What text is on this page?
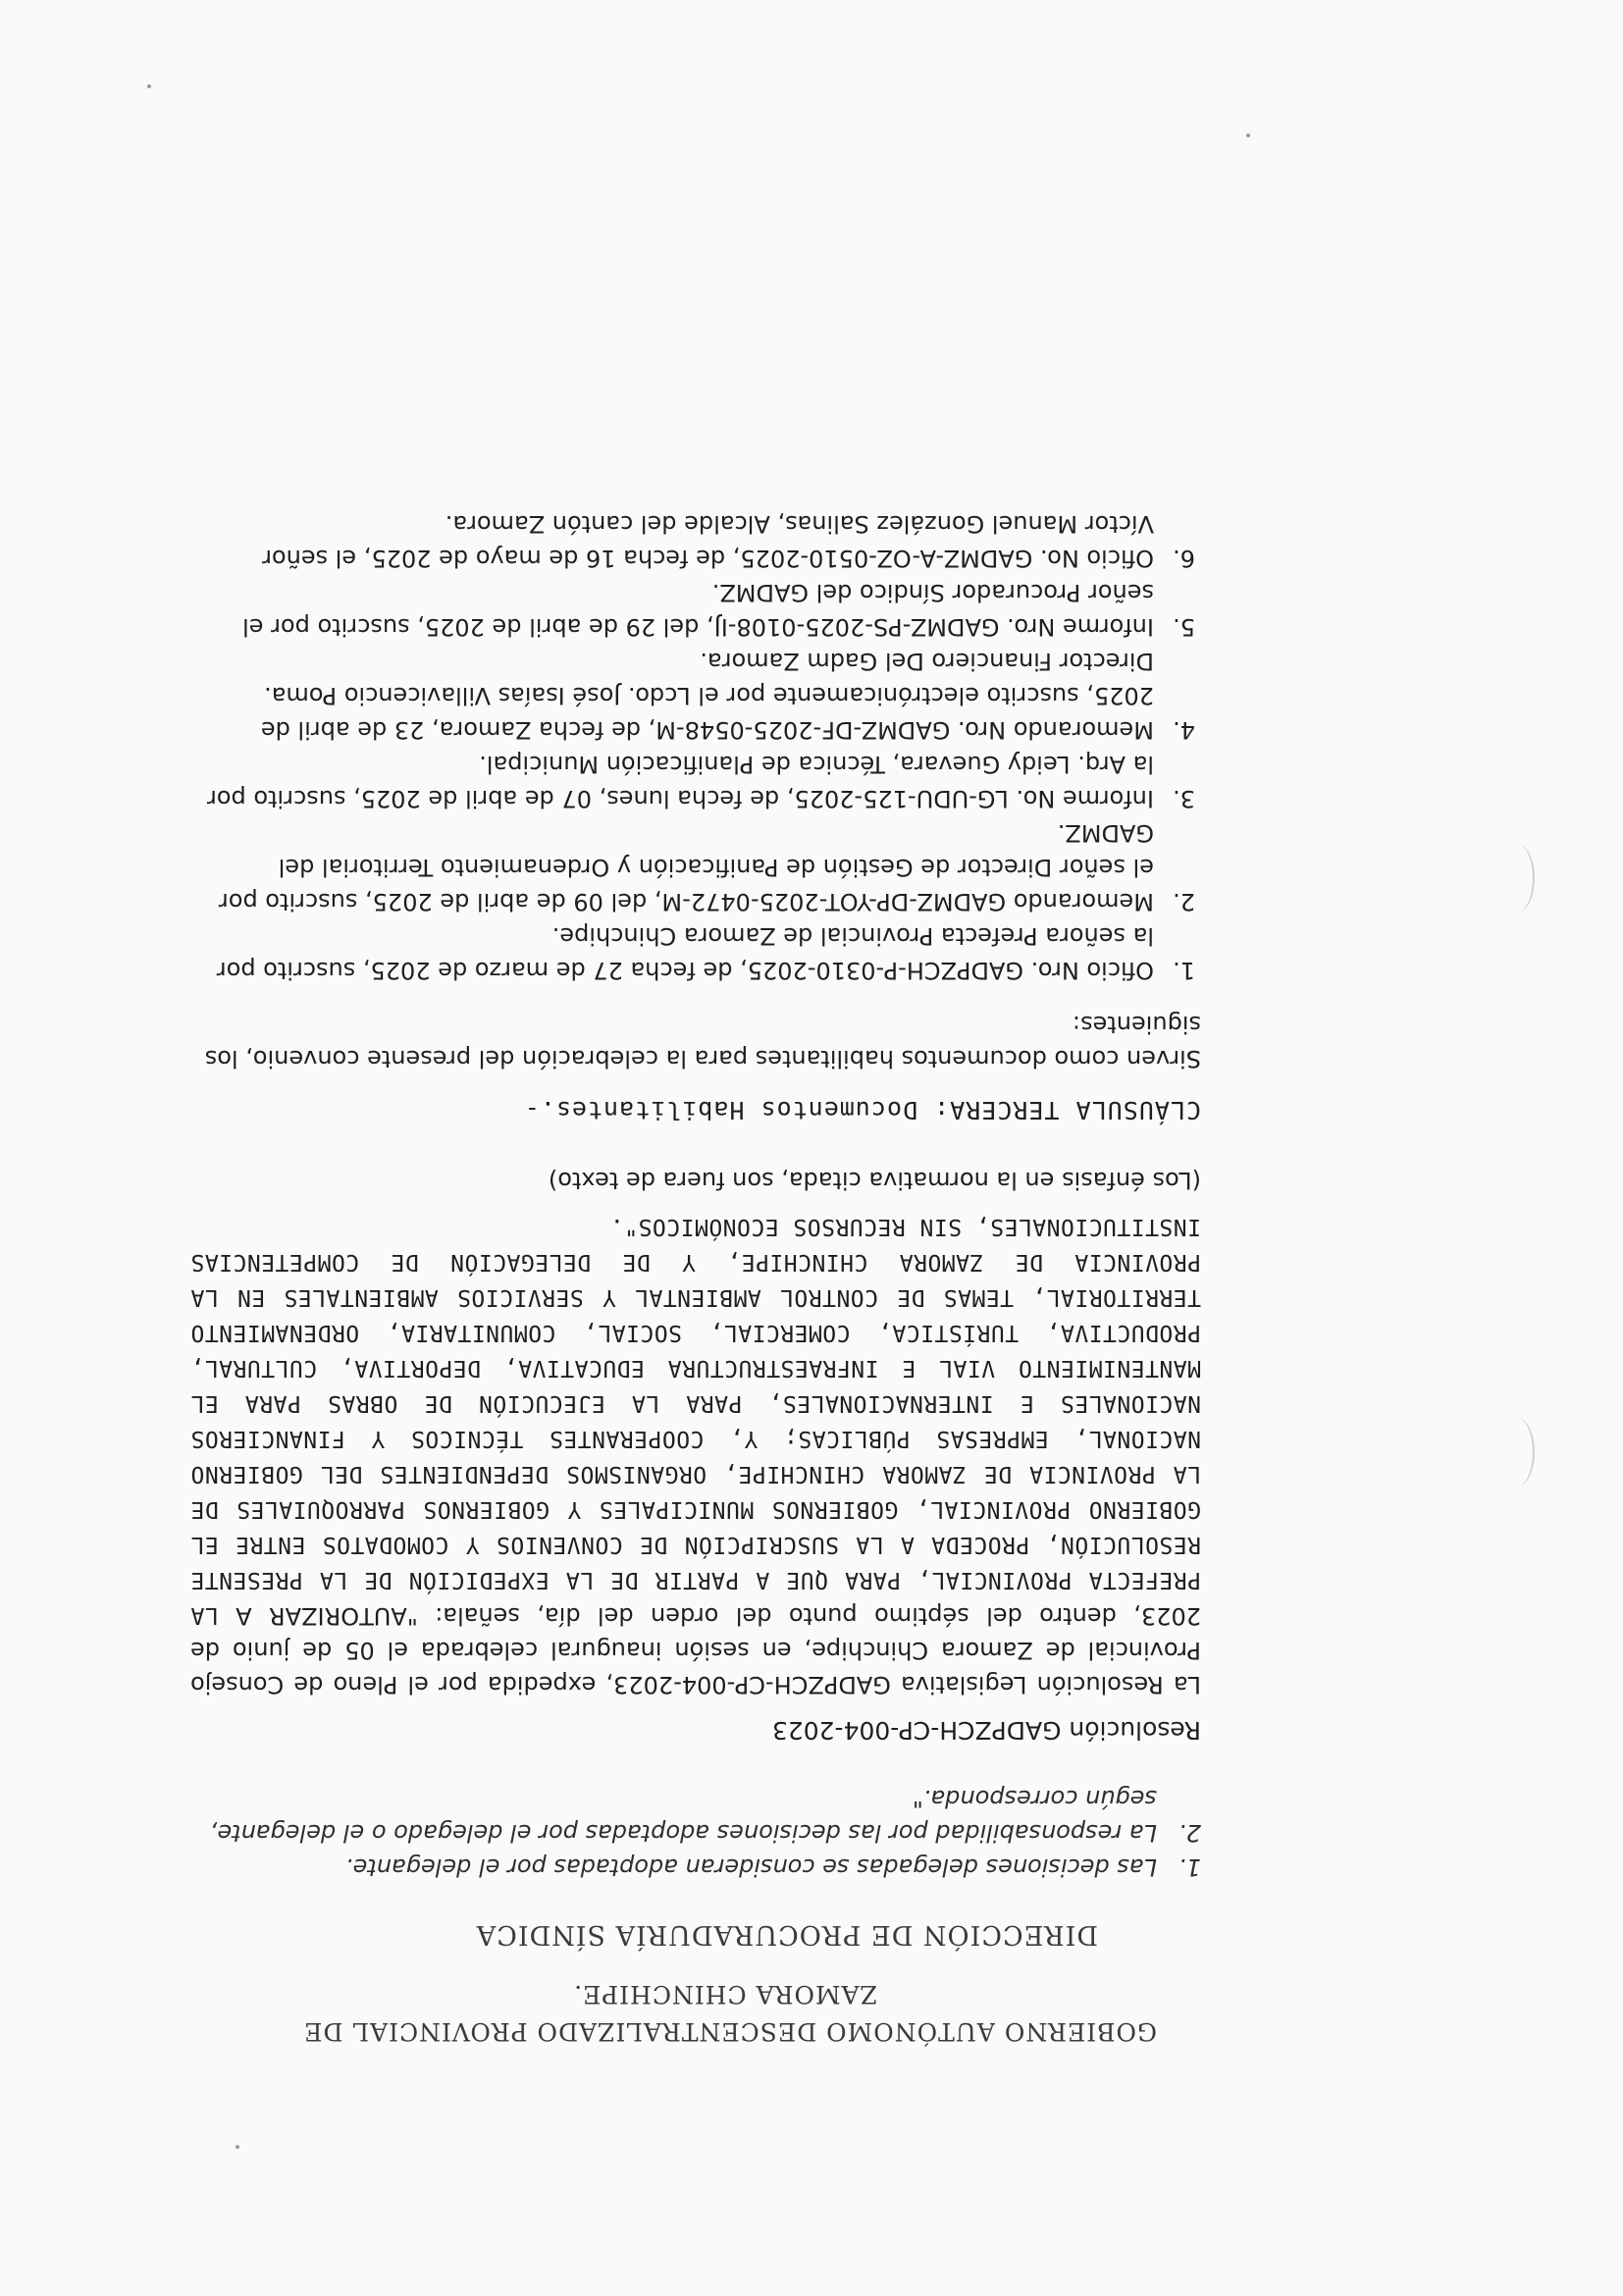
GOBIERNO AUTÓNOMO DESCENTRALIZADO PROVINCIAL DE
ZAMORA CHINCHIPE.
DIRECCIÓN DE PROCURADURÍA SÍNDICA
1.
Las decisiones delegadas se consideran adoptadas por el delegante.
2.
La responsabilidad por las decisiones adoptadas por el delegado o el delegante, según corresponda."
Resolución GADPZCH-CP-004-2023
La Resolución Legislativa GADPZCH-CP-004-2023, expedida por el Pleno de Consejo Provincial de Zamora Chinchipe, en sesión inaugural celebrada el 05 de junio de 2023, dentro del séptimo punto del orden del día, señala: "AUTORIZAR A LA PREFECTA PROVINCIAL, PARA QUE A PARTIR DE LA EXPEDICIÓN DE LA PRESENTE RESOLUCIÓN, PROCEDA A LA SUSCRIPCIÓN DE CONVENIOS Y COMODATOS ENTRE EL GOBIERNO PROVINCIAL, GOBIERNOS MUNICIPALES Y GOBIERNOS PARROQUIALES DE LA PROVINCIA DE ZAMORA CHINCHIPE, ORGANISMOS DEPENDIENTES DEL GOBIERNO NACIONAL, EMPRESAS PÚBLICAS; Y, COOPERANTES TÉCNICOS Y FINANCIEROS NACIONALES E INTERNACIONALES, PARA LA EJECUCIÓN DE OBRAS PARA EL MANTENIMIENTO VIAL E INFRAESTRUCTURA EDUCATIVA, DEPORTIVA, CULTURAL, PRODUCTIVA, TURÍSTICA, COMERCIAL, SOCIAL, COMUNITARIA, ORDENAMIENTO TERRITORIAL, TEMAS DE CONTROL AMBIENTAL Y SERVICIOS AMBIENTALES EN LA PROVINCIA DE ZAMORA CHINCHIPE, Y DE DELEGACIÓN DE COMPETENCIAS INSTITUCIONALES, SIN RECURSOS ECONÓMICOS".
(Los énfasis en la normativa citada, son fuera de texto)
CLÁUSULA TERCERA: Documentos Habilitantes.-
Sirven como documentos habilitantes para la celebración del presente convenio, los siguientes:
1.
Oficio Nro. GADPZCH-P-0310-2025, de fecha 27 de marzo de 2025, suscrito por la señora Prefecta Provincial de Zamora Chinchipe.
2.
Memorando GADMZ-DP-YOT-2025-0472-M, del 09 de abril de 2025, suscrito por el señor Director de Gestión de Panificación y Ordenamiento Territorial del GADMZ.
3.
Informe No. LG-UDU-125-2025, de fecha lunes, 07 de abril de 2025, suscrito por la Arq. Leidy Guevara, Técnica de Planificación Municipal.
4.
Memorando Nro. GADMZ-DF-2025-0548-M, de fecha Zamora, 23 de abril de 2025, suscrito electrónicamente por el Lcdo. José Isaías Villavicencio Poma. Director Financiero Del Gadm Zamora.
5.
Informe Nro. GADMZ-PS-2025-0108-IJ, del 29 de abril de 2025, suscrito por el señor Procurador Síndico del GADMZ.
6.
Oficio No. GADMZ-A-OZ-0510-2025, de fecha 16 de mayo de 2025, el señor Víctor Manuel González Salinas, Alcalde del cantón Zamora.
